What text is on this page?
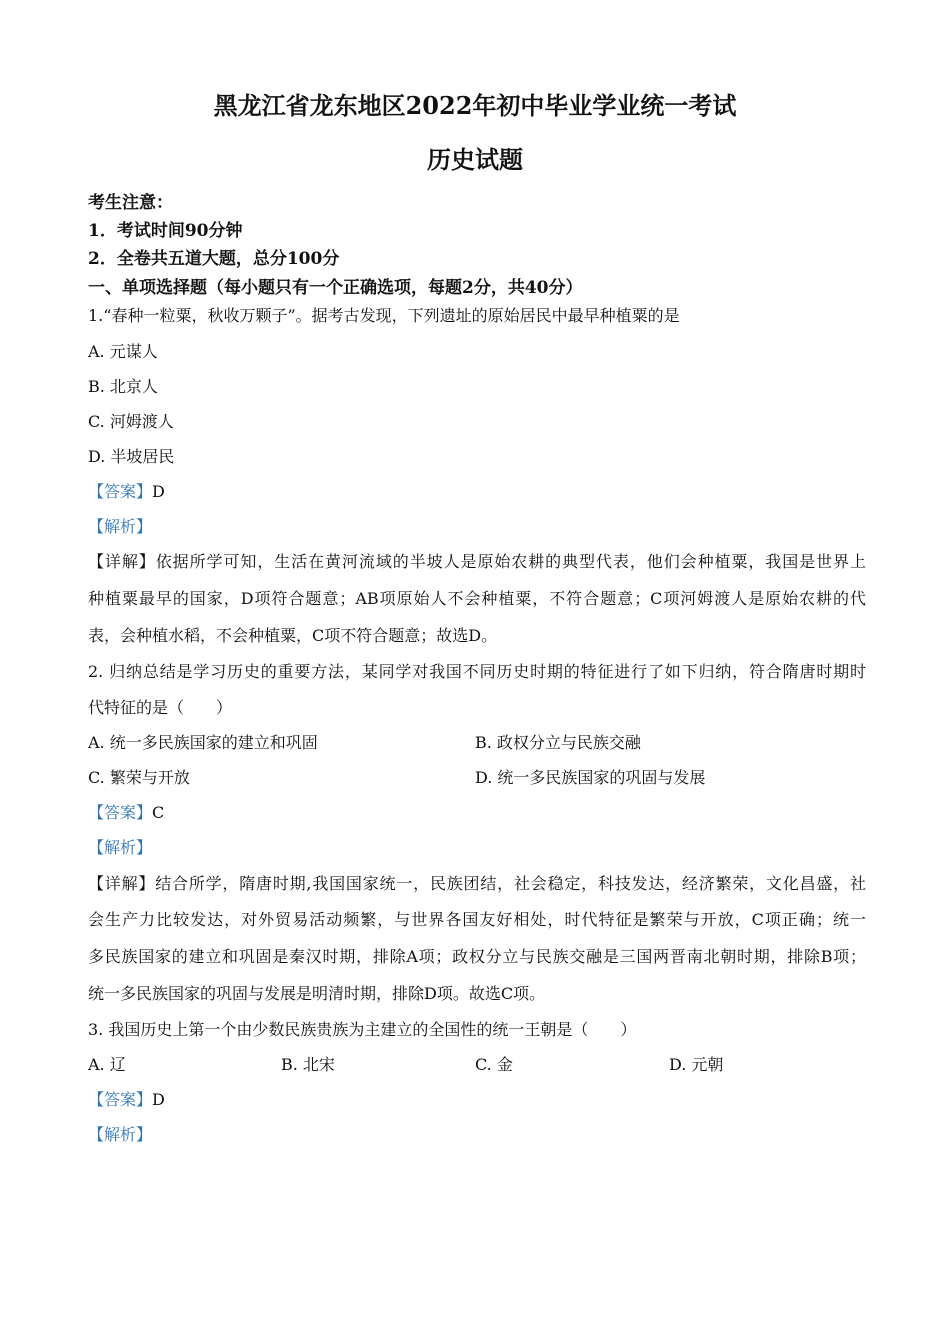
黑龙江省龙东地区2022年初中毕业学业统一考试
历史试题
考生注意：
1．考试时间90分钟
2．全卷共五道大题，总分100分
一、单项选择题（每小题只有一个正确选项，每题2分，共40分）
1.“春种一粒粟，秋收万颗子”。据考古发现，下列遗址的原始居民中最早种植粟的是
A. 元谋人
B. 北京人
C. 河姆渡人
D. 半坡居民
【答案】D
【解析】
【详解】依据所学可知，生活在黄河流域的半坡人是原始农耕的典型代表，他们会种植粟，我国是世界上
种植粟最早的国家，D项符合题意；AB项原始人不会种植粟，不符合题意；C项河姆渡人是原始农耕的代
表，会种植水稻，不会种植粟，C项不符合题意；故选D。
2. 归纳总结是学习历史的重要方法，某同学对我国不同历史时期的特征进行了如下归纳，符合隋唐时期时
代特征的是（　　）
A. 统一多民族国家的建立和巩固	B. 政权分立与民族交融
C. 繁荣与开放	D. 统一多民族国家的巩固与发展
【答案】C
【解析】
【详解】结合所学，隋唐时期,我国国家统一，民族团结，社会稳定，科技发达，经济繁荣，文化昌盛，社
会生产力比较发达，对外贸易活动频繁，与世界各国友好相处，时代特征是繁荣与开放，C项正确；统一
多民族国家的建立和巩固是秦汉时期，排除A项；政权分立与民族交融是三国两晋南北朝时期，排除B项；
统一多民族国家的巩固与发展是明清时期，排除D项。故选C项。
3. 我国历史上第一个由少数民族贵族为主建立的全国性的统一王朝是（　　）
A. 辽	B. 北宋	C. 金	D. 元朝
【答案】D
【解析】
